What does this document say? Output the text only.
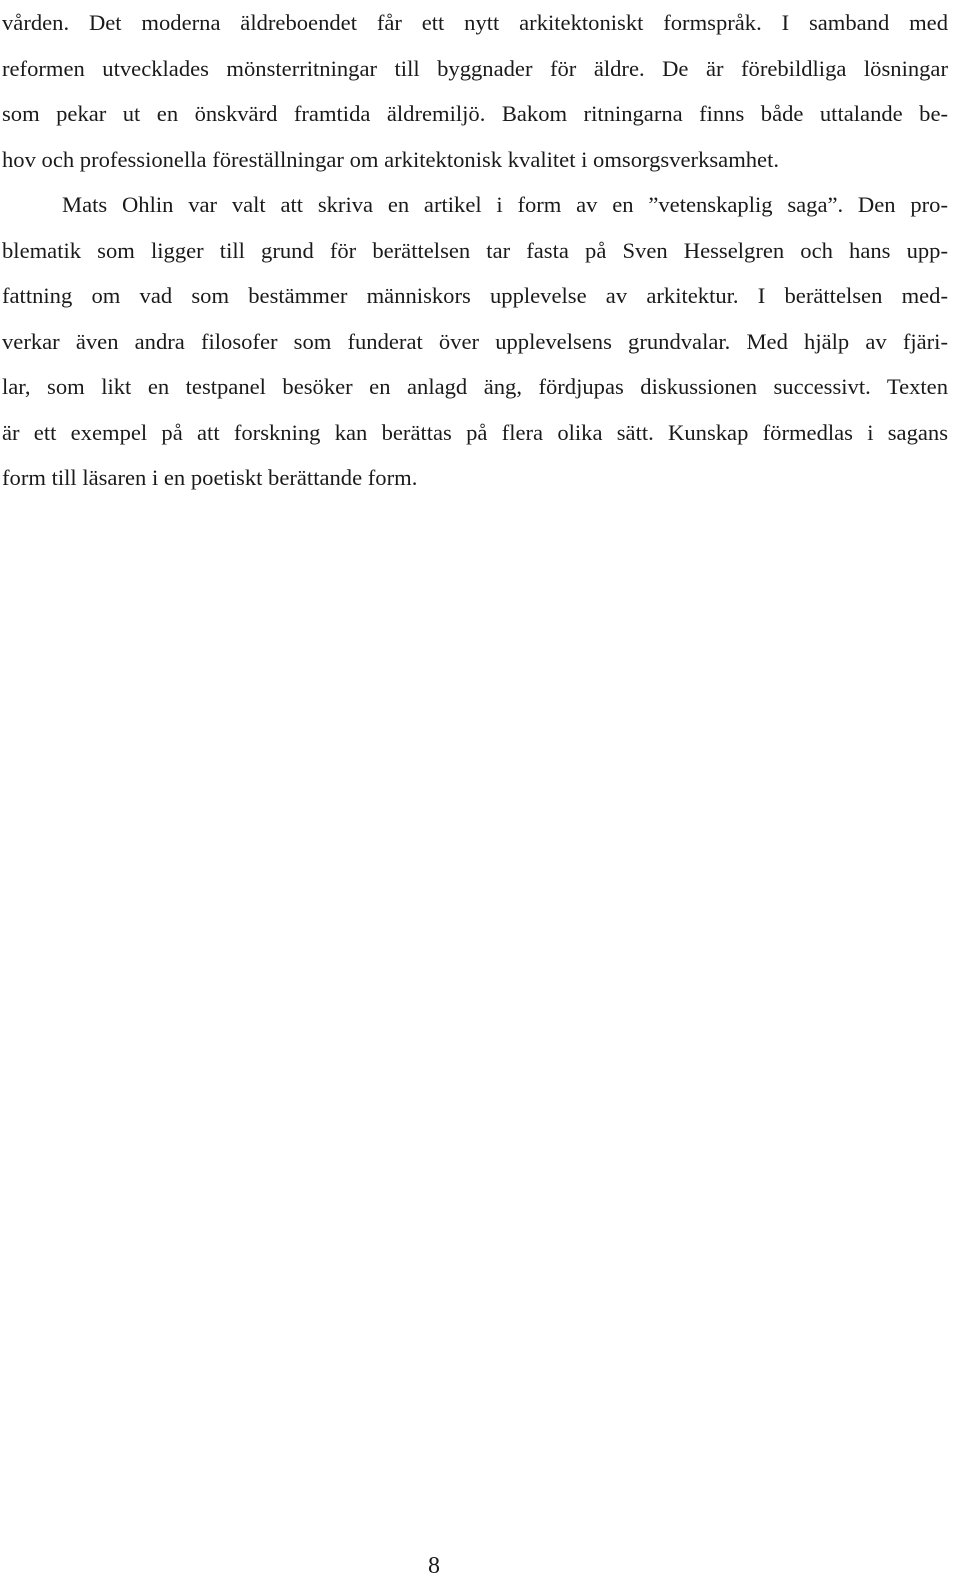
vården. Det moderna äldreboendet får ett nytt arkitektoniskt formspråk. I samband med
reformen utvecklades mönsterritningar till byggnader för äldre. De är förebildliga lösningar
som pekar ut en önskvärd framtida äldremiljö. Bakom ritningarna finns både uttalande be-
hov och professionella föreställningar om arkitektonisk kvalitet i omsorgsverksamhet.
Mats Ohlin var valt att skriva en artikel i form av en ”vetenskaplig saga”. Den pro-
blematik som ligger till grund för berättelsen tar fasta på Sven Hesselgren och hans upp-
fattning om vad som bestämmer människors upplevelse av arkitektur. I berättelsen med-
verkar även andra filosofer som funderat över upplevelsens grundvalar. Med hjälp av fjäri-
lar, som likt en testpanel besöker en anlagd äng, fördjupas diskussionen successivt. Texten
är ett exempel på att forskning kan berättas på flera olika sätt. Kunskap förmedlas i sagans
form till läsaren i en poetiskt berättande form.
8
